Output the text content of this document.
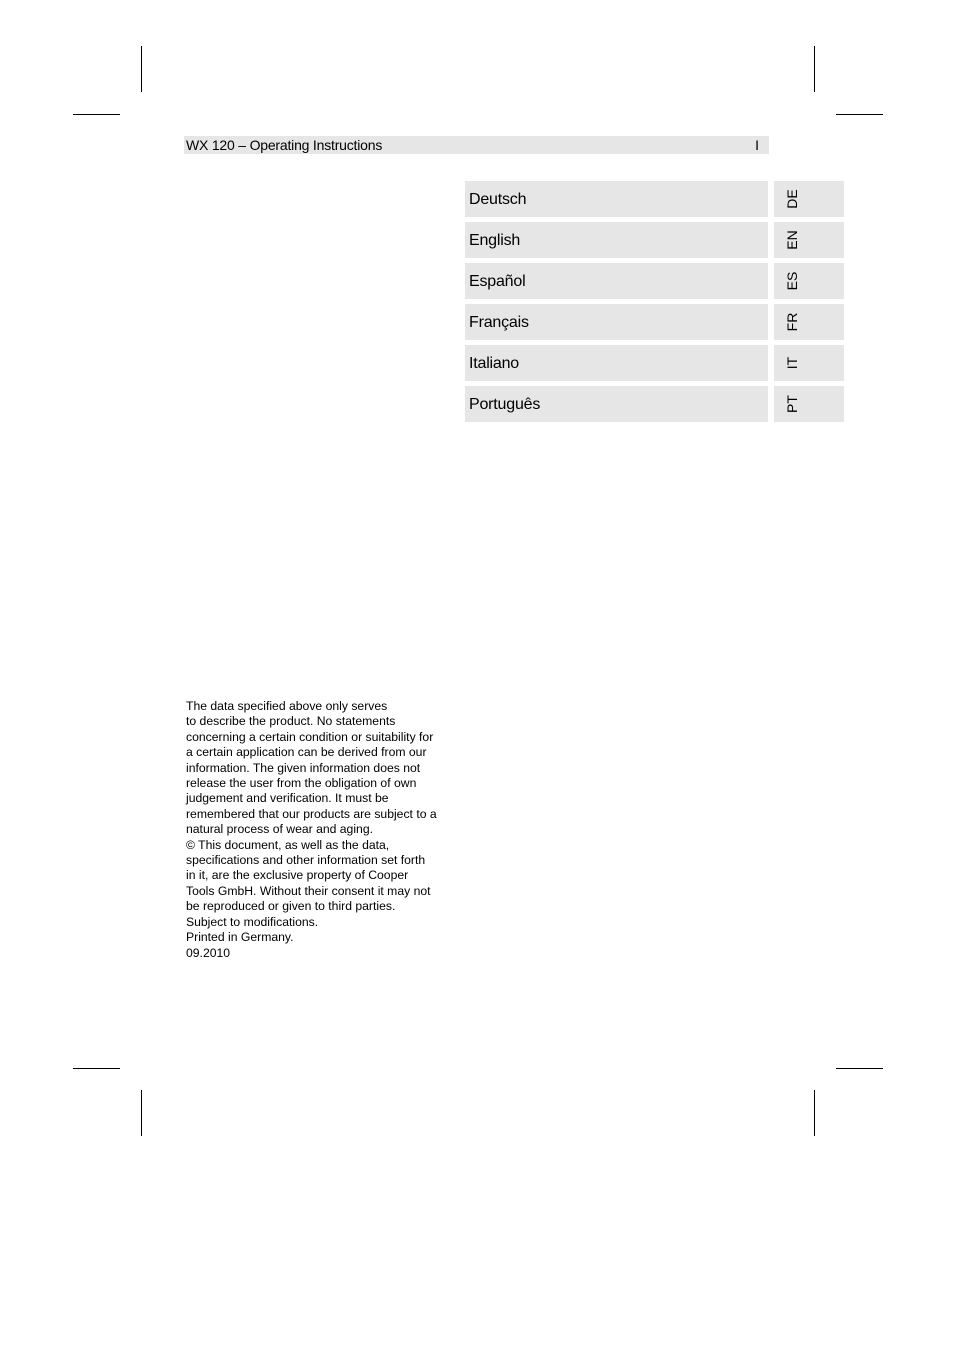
WX 120 – Operating Instructions	I
Deutsch	DE
English	EN
Español	ES
Français	FR
Italiano	IT
Português	PT

The data specified above only serves

to describe the product. No statements

concerning a certain condition or suitability for

a certain application can be derived from our

information. The given information does not

release the user from the obligation of own

judgement and verification. It must be

remembered that our products are subject to a

natural process of wear and aging.

© This document, as well as the data,

specifications and other information set forth

in it, are the exclusive property of Cooper

Tools GmbH. Without their consent it may not

be reproduced or given to third parties.

Subject to modifications.

Printed in Germany.

09.2010
